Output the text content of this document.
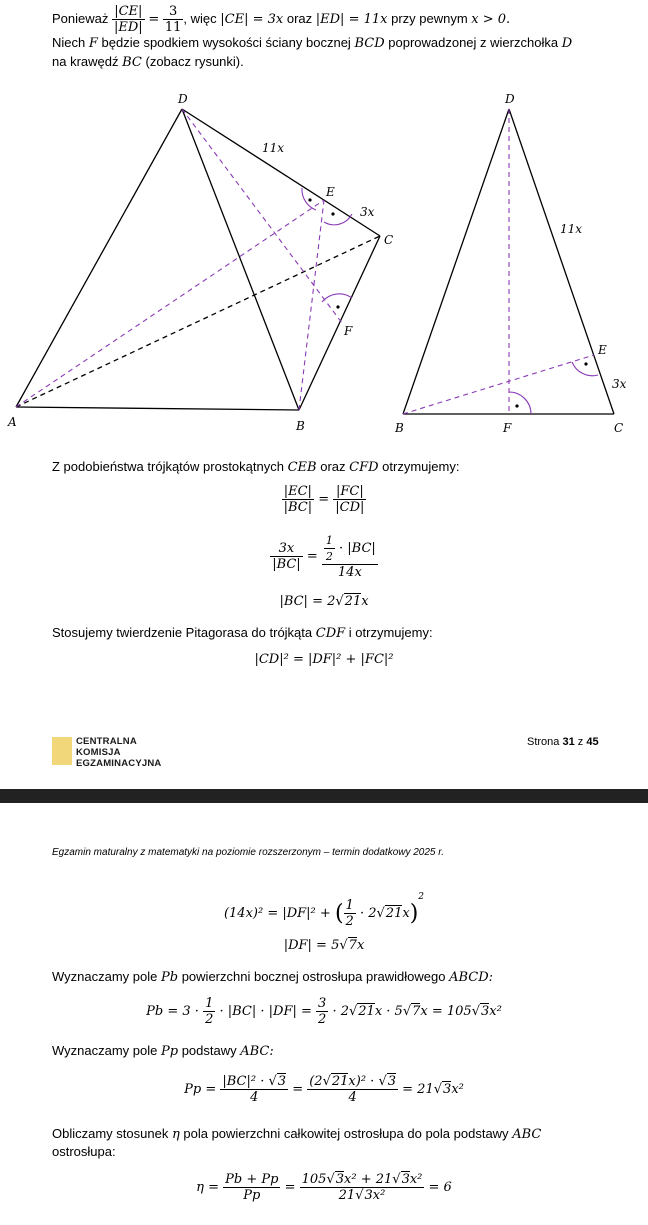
Ponieważ $\frac{|CE|}{|ED|} = \frac{3}{11}$ , więc |CE| = 3x oraz |ED| = 11x przy pewnym x > 0.
Niech F będzie spodkiem wysokości ściany bocznej BCD poprowadzonej z wierzchołka D
na krawędź BC (zobacz rysunki).
D
E
C
F
A	B
11x
3x
D
E
B	F	C
11x
3x
Z podobieństwa trójkątów prostokątnych CEB oraz CFD otrzymujemy:
$\frac{|EC|}{|BC|} = \frac{|FC|}{|CD|}$
$\frac{3x}{|BC|} = \frac{\frac{1}{2} \cdot |BC|}{14x}$
|BC| = 2√21x
Stosujemy twierdzenie Pitagorasa do trójkąta CDF i otrzymujemy:
|CD|² = |DF|² + |FC|²
CENTRALNA
KOMISJA
EGZAMINACYJNA
Strona 31 z 45
Egzamin maturalny z matematyki na poziomie rozszerzonym – termin dodatkowy 2025 r.
(14x)² = |DF|² + ( $\frac{1}{2} \cdot 2√21x)^2$
|DF| = 5√7x
Wyznaczamy pole Pb powierzchni bocznej ostrosłupa prawidłowego ABCD:
$Pb = 3 \cdot \frac{1}{2} \cdot |BC| \cdot |DF| = \frac{3}{2} \cdot 2√21x \cdot 5√7x = 105√3x^2$
Wyznaczamy pole Pp podstawy ABC:
$Pp = \frac{\text{|BC|² · √3}}{4} = \frac{\text{(2√21x)² · √3}}{4} = 21√3x^2$
Obliczamy stosunek η pola powierzchni całkowitej ostrosłupa do pola podstawy ABC
ostrosłupa:
$\eta = \frac{Pb + Pp}{Pp} = \frac{\text{105√3x² + 21√3x²}}{\text{21√3x²}} = 6$
